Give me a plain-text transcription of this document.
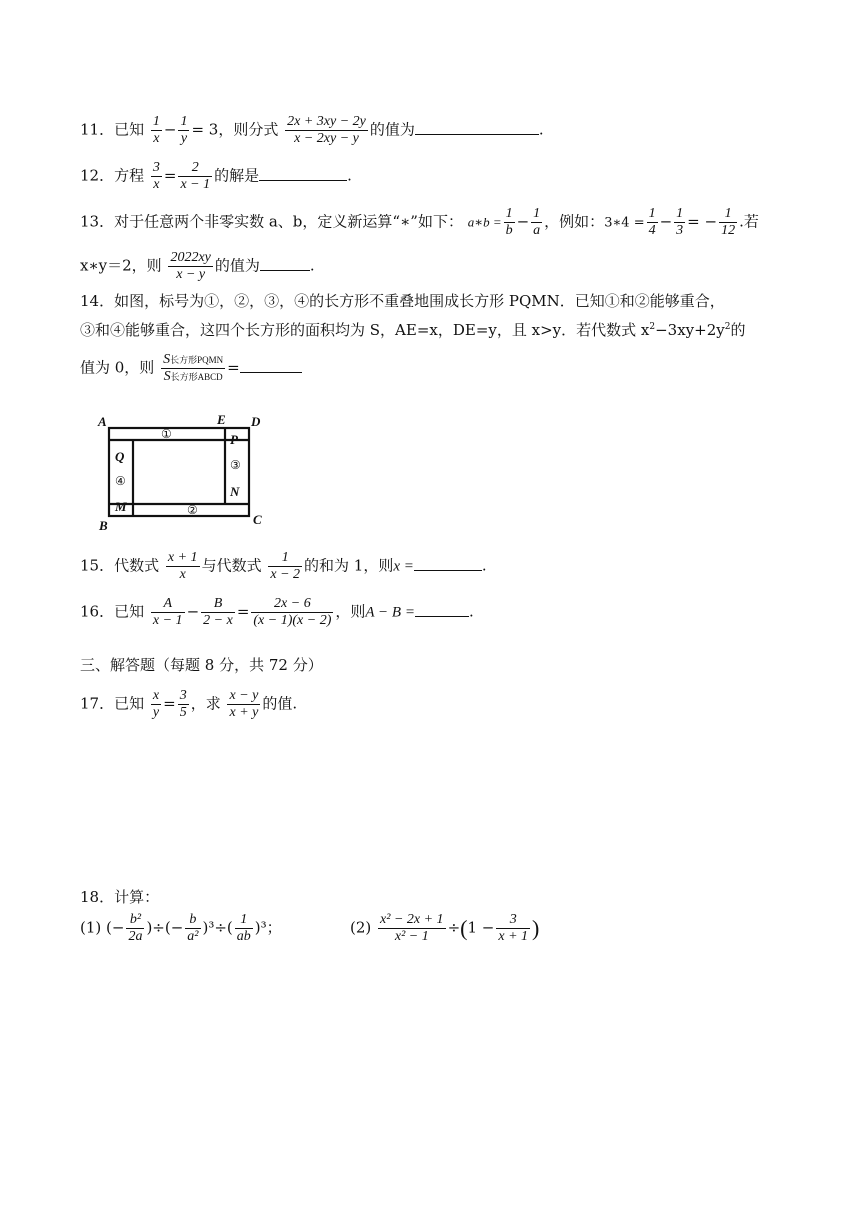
11．已知 $\frac{1}{x} - \frac{1}{y} = 3$，则分式 $\frac{2x + 3xy - 2y}{x - 2xy - y}$ 的值为	.
12．方程 $\frac{3}{x} = \frac{2}{x - 1}$ 的解是	.
13．对于任意两个非零实数 a、b，定义新运算“∗”如下： a∗b = $\frac{1}{b} - \frac{1}{a}$ ，例如：3∗4 = $\frac{1}{4} - \frac{1}{3}$ = − $\frac{1}{12}$ .若
x∗y＝2，则 $\frac{2022xy}{x - y}$ 的值为	.
14．如图，标号为①，②，③，④的长方形不重叠地围成长方形 PQMN．已知①和②能够重合，
③和④能够重合，这四个长方形的面积均为 S，AE=x，DE=y，且 x>y．若代数式 $x^2-3xy+2y^2$的
值为 0，则 $\frac{\text{S长方形PQMN}}{\text{S长方形ABCD}}$ =
A	E D
P
Q
N
M
B	C
①
②
③
④
15．代数式 $\frac{x + 1}{x}$ 与代数式 $\frac{1}{x - 2}$ 的和为 1，则x =	.
16．已知 $\frac{A}{x - 1} - \frac{B}{2 - x} = \frac{2x - 6}{(x - 1)(x - 2)}$ ，则A − B =	.
三、解答题（每题 8 分，共 72 分）
17．已知 $\frac{x}{y} = \frac{3}{5}$ ，求 $\frac{x - y}{x + y}$ 的值.
18．计算：
(1) (− $\frac{\text{b²}}{2a}$ )÷(− $\frac{b}{\text{a²}} )^3\div( \frac{1}{ab} )^3$；	$(2) \frac{\text{x² − 2x + 1}}{\text{x² − 1}} \div(1 - \frac{3}{x + 1}$ )
